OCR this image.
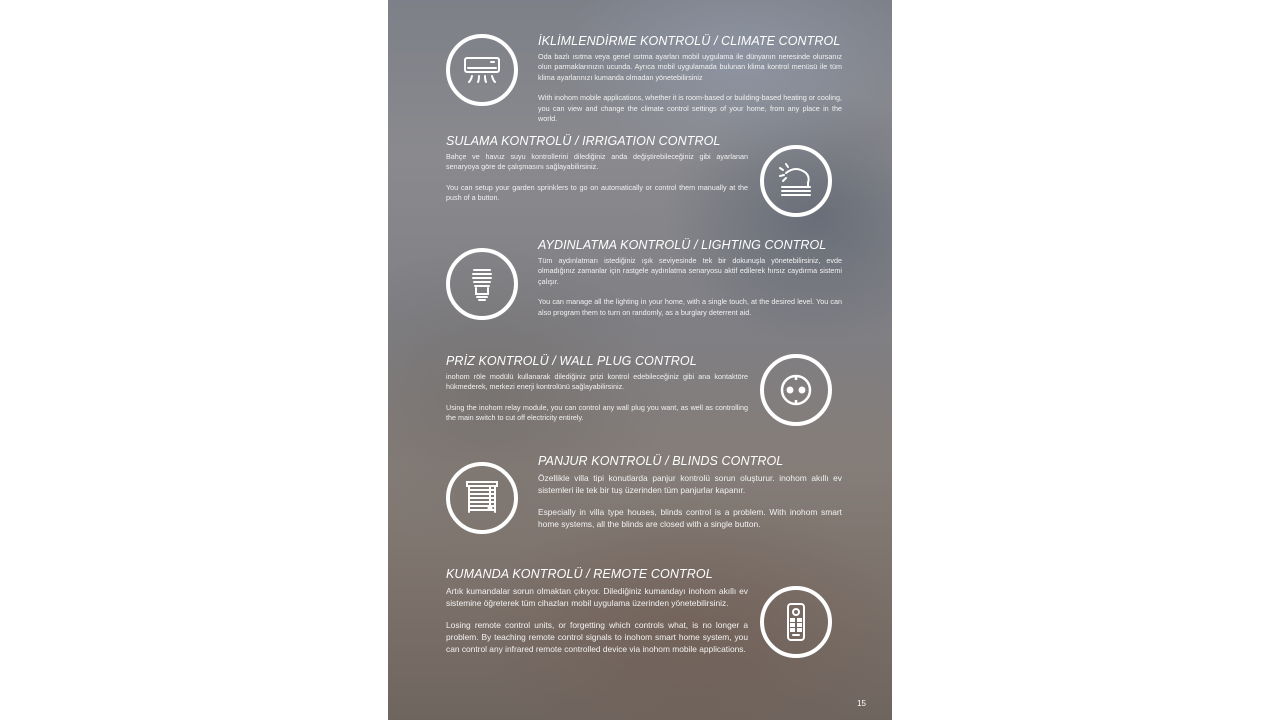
İKLİMLENDİRME KONTROLÜ / CLIMATE CONTROL

Oda bazlı ısıtma veya genel ısıtma ayarları mobil uygulama ile dünyanın neresinde olursanız olun parmaklarınızın ucunda. Ayrıca mobil uygulamada bulunan klima kontrol menüsü ile tüm klima ayarlarınızı kumanda olmadan yönetebilirsiniz

With inohom mobile applications, whether it is room-based or building-based heating or cooling, you can view and change the climate control settings of your home, from any place in the world.

SULAMA KONTROLÜ / IRRIGATION CONTROL

Bahçe ve havuz suyu kontrollerini dilediğiniz anda değiştirebileceğiniz gibi ayarlanan senaryoya göre de çalışmasını sağlayabilirsiniz.

You can setup your garden sprinklers to go on automatically or control them manually at the push of a button.

AYDINLATMA KONTROLÜ / LIGHTING CONTROL

Tüm aydınlatmarı istediğiniz ışık seviyesinde tek bir dokunuşla yönetebilirsiniz, evde olmadığınız zamanlar için rastgele aydınlatma senaryosu aktif edilerek hırsız caydırma sistemi çalışır.

You can manage all the lighting in your home, with a single touch, at the desired level. You can also program them to turn on randomly, as a burglary deterrent aid.

PRİZ KONTROLÜ / WALL PLUG CONTROL

inohom röle modülü kullanarak dilediğiniz prizi kontrol edebileceğiniz gibi ana kontaktöre hükmederek, merkezi enerji kontrolünü sağlayabilirsiniz.

Using the inohom relay module, you can control any wall plug you want, as well as controlling the main switch to cut off electricity entirely.

PANJUR KONTROLÜ / BLINDS CONTROL

Özellikle villa tipi konutlarda panjur kontrolü sorun oluşturur. inohom akıllı ev sistemleri ile tek bir tuş üzerinden tüm panjurlar kapanır.

Especially in villa type houses, blinds control is a problem. With inohom smart home systems, all the blinds are closed with a single button.

KUMANDA KONTROLÜ / REMOTE CONTROL

Artık kumandalar sorun olmaktan çıkıyor. Dilediğiniz kumandayı inohom akıllı ev sistemine öğreterek tüm cihazları mobil uygulama üzerinden yönetebilirsiniz.

Losing remote control units, or forgetting which controls what, is no longer a problem. By teaching remote control signals to inohom smart home system, you can control any infrared remote controlled device via inohom mobile applications.

15
